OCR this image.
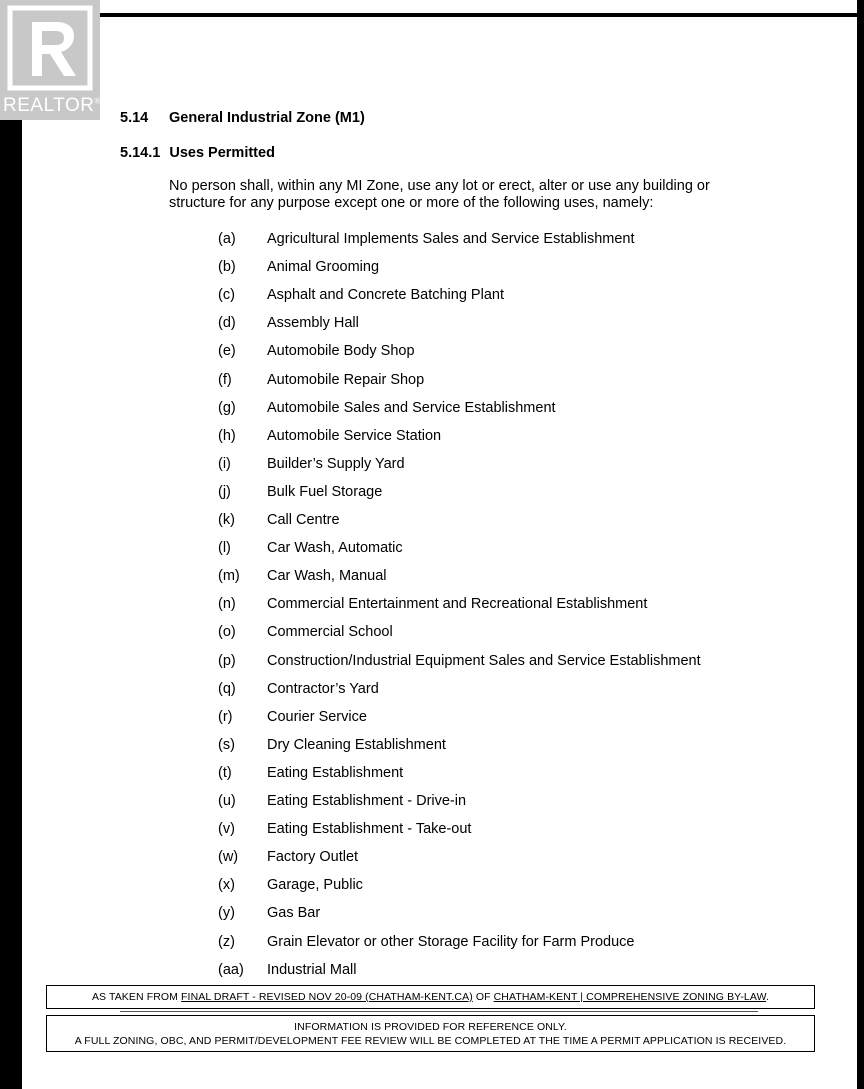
REALTOR®
5.14 General Industrial Zone (M1)
5.14.1 Uses Permitted
No person shall, within any MI Zone, use any lot or erect, alter or use any building or
structure for any purpose except one or more of the following uses, namely:
(a) Agricultural Implements Sales and Service Establishment
(b) Animal Grooming
(c) Asphalt and Concrete Batching Plant
(d) Assembly Hall
(e) Automobile Body Shop
(f) Automobile Repair Shop
(g) Automobile Sales and Service Establishment
(h) Automobile Service Station
(i) Builder’s Supply Yard
(j) Bulk Fuel Storage
(k) Call Centre
(l) Car Wash, Automatic
(m) Car Wash, Manual
(n) Commercial Entertainment and Recreational Establishment
(o) Commercial School
(p) Construction/Industrial Equipment Sales and Service Establishment
(q) Contractor’s Yard
(r) Courier Service
(s) Dry Cleaning Establishment
(t) Eating Establishment
(u) Eating Establishment - Drive-in
(v) Eating Establishment - Take-out
(w) Factory Outlet
(x) Garage, Public
(y) Gas Bar
(z) Grain Elevator or other Storage Facility for Farm Produce
(aa) Industrial Mall
AS TAKEN FROM FINAL DRAFT - REVISED NOV 20-09 (CHATHAM-KENT.CA) OF CHATHAM-KENT | COMPREHENSIVE ZONING BY-LAW.
INFORMATION IS PROVIDED FOR REFERENCE ONLY.
A FULL ZONING, OBC, AND PERMIT/DEVELOPMENT FEE REVIEW WILL BE COMPLETED AT THE TIME A PERMIT APPLICATION IS RECEIVED.
